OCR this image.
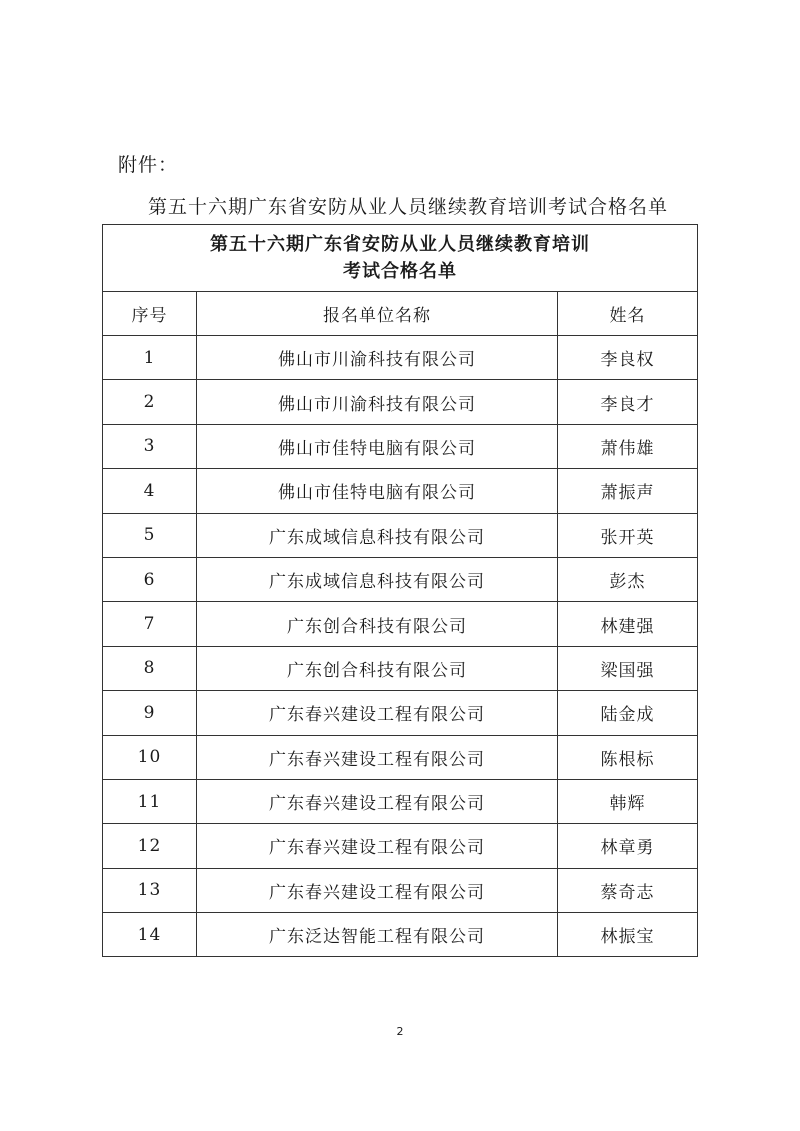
附件：
第五十六期广东省安防从业人员继续教育培训考试合格名单
第五十六期广东省安防从业人员继续教育培训
考试合格名单		

序号	报名单位名称	姓名
1	佛山市川渝科技有限公司	李良权
2	佛山市川渝科技有限公司	李良才
3	佛山市佳特电脑有限公司	萧伟雄
4	佛山市佳特电脑有限公司	萧振声
5	广东成域信息科技有限公司	张开英
6	广东成域信息科技有限公司	彭杰
7	广东创合科技有限公司	林建强
8	广东创合科技有限公司	梁国强
9	广东春兴建设工程有限公司	陆金成
10	广东春兴建设工程有限公司	陈根标
11	广东春兴建设工程有限公司	韩辉
12	广东春兴建设工程有限公司	林章勇
13	广东春兴建设工程有限公司	蔡奇志
14	广东泛达智能工程有限公司	林振宝
2
